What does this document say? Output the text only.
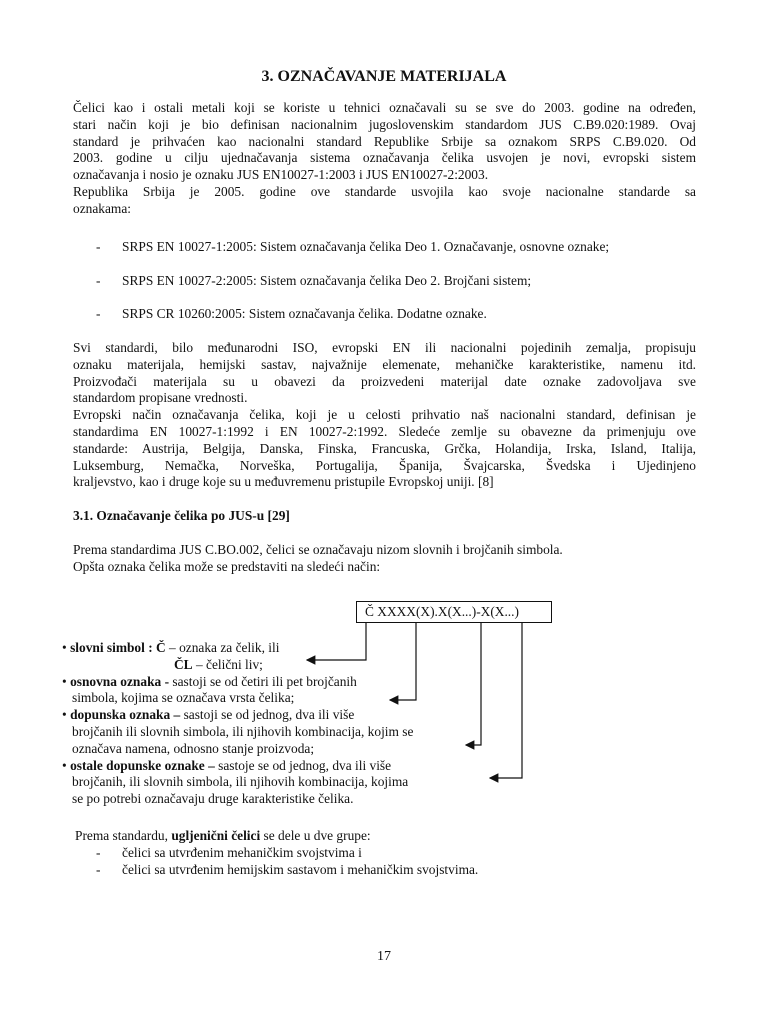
3. OZNAČAVANJE MATERIJALA
Čelici kao i ostali metali koji se koriste u tehnici označavali su se sve do 2003. godine na određen,
stari način koji je bio definisan nacionalnim jugoslovenskim standardom JUS C.B9.020:1989. Ovaj
standard je prihvaćen kao nacionalni standard Republike Srbije sa oznakom SRPS C.B9.020. Od
2003. godine u cilju ujednačavanja sistema označavanja čelika usvojen je novi, evropski sistem
označavanja i nosio je oznaku JUS EN10027-1:2003 i JUS EN10027-2:2003.
Republika Srbija je 2005. godine ove standarde usvojila kao svoje nacionalne standarde sa
oznakama:
- SRPS EN 10027-1:2005: Sistem označavanja čelika Deo 1. Označavanje, osnovne oznake;
- SRPS EN 10027-2:2005: Sistem označavanja čelika Deo 2. Brojčani sistem;
- SRPS CR 10260:2005: Sistem označavanja čelika. Dodatne oznake.
Svi standardi, bilo međunarodni ISO, evropski EN ili nacionalni pojedinih zemalja, propisuju
oznaku materijala, hemijski sastav, najvažnije elemenate, mehaničke karakteristike, namenu itd.
Proizvođači materijala su u obavezi da proizvedeni materijal date oznake zadovoljava sve
standardom propisane vrednosti.
Evropski način označavanja čelika, koji je u celosti prihvatio naš nacionalni standard, definisan je
standardima EN 10027-1:1992 i EN 10027-2:1992. Sledeće zemlje su obavezne da primenjuju ove
standarde: Austrija, Belgija, Danska, Finska, Francuska, Grčka, Holandija, Irska, Island, Italija,
Luksemburg, Nemačka, Norveška, Portugalija, Španija, Švajcarska, Švedska i Ujedinjeno
kraljevstvo, kao i druge koje su u međuvremenu pristupile Evropskoj uniji. [8]
3.1. Označavanje čelika po JUS-u [29]
Prema standardima JUS C.BO.002, čelici se označavaju nizom slovnih i brojčanih simbola.
Opšta oznaka čelika može se predstaviti na sledeći način:
Č XXXX(X).X(X...)-X(X...)
• slovni simbol : Č – oznaka za čelik, ili
ČL – čelični liv;
• osnovna oznaka - sastoji se od četiri ili pet brojčanih
simbola, kojima se označava vrsta čelika;
• dopunska oznaka – sastoji se od jednog, dva ili više
brojčanih ili slovnih simbola, ili njihovih kombinacija, kojim se
označava namena, odnosno stanje proizvoda;
• ostale dopunske oznake – sastoje se od jednog, dva ili više
brojčanih, ili slovnih simbola, ili njihovih kombinacija, kojima
se po potrebi označavaju druge karakteristike čelika.
Prema standardu, ugljenični čelici se dele u dve grupe:
- čelici sa utvrđenim mehaničkim svojstvima i
- čelici sa utvrđenim hemijskim sastavom i mehaničkim svojstvima.
17
